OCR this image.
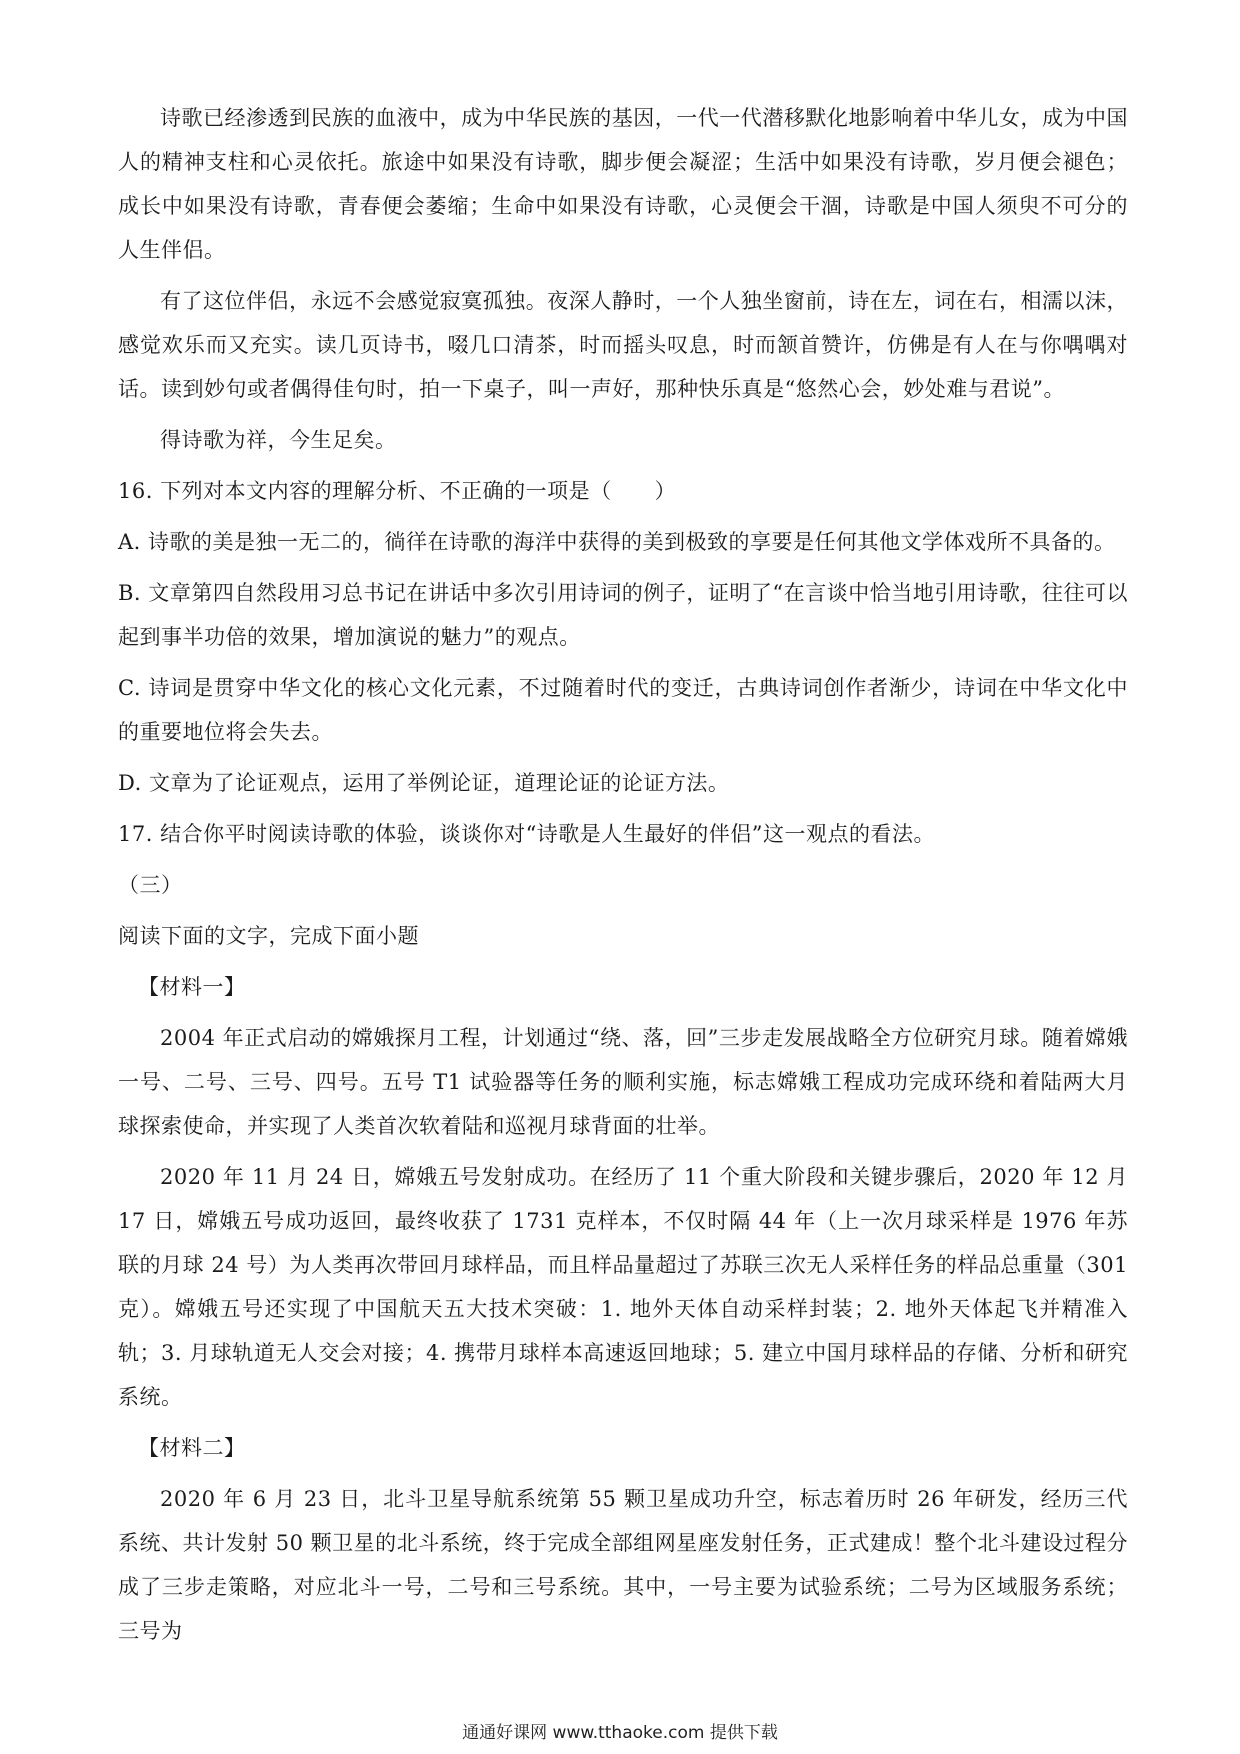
诗歌已经渗透到民族的血液中，成为中华民族的基因，一代一代潜移默化地影响着中华儿女，成为中国人的精神支柱和心灵依托。旅途中如果没有诗歌，脚步便会凝涩；生活中如果没有诗歌，岁月便会褪色；成长中如果没有诗歌，青春便会萎缩；生命中如果没有诗歌，心灵便会干涸，诗歌是中国人须臾不可分的人生伴侣。

有了这位伴侣，永远不会感觉寂寞孤独。夜深人静时，一个人独坐窗前，诗在左，词在右，相濡以沫，感觉欢乐而又充实。读几页诗书，啜几口清茶，时而摇头叹息，时而颔首赞许，仿佛是有人在与你喁喁对话。读到妙句或者偶得佳句时，拍一下桌子，叫一声好，那种快乐真是“悠然心会，妙处难与君说”。

得诗歌为祥，今生足矣。

16. 下列对本文内容的理解分析、不正确的一项是（　　）

A. 诗歌的美是独一无二的，徜徉在诗歌的海洋中获得的美到极致的享要是任何其他文学体戏所不具备的。

B. 文章第四自然段用习总书记在讲话中多次引用诗词的例子，证明了“在言谈中恰当地引用诗歌，往往可以起到事半功倍的效果，增加演说的魅力”的观点。

C. 诗词是贯穿中华文化的核心文化元素，不过随着时代的变迁，古典诗词创作者渐少，诗词在中华文化中的重要地位将会失去。

D. 文章为了论证观点，运用了举例论证，道理论证的论证方法。

17. 结合你平时阅读诗歌的体验，谈谈你对“诗歌是人生最好的伴侣”这一观点的看法。

（三）

阅读下面的文字，完成下面小题

【材料一】

2004 年正式启动的嫦娥探月工程，计划通过“绕、落，回”三步走发展战略全方位研究月球。随着嫦娥一号、二号、三号、四号。五号 T1 试验器等任务的顺利实施，标志嫦娥工程成功完成环绕和着陆两大月球探索使命，并实现了人类首次软着陆和巡视月球背面的壮举。

2020 年 11 月 24 日，嫦娥五号发射成功。在经历了 11 个重大阶段和关键步骤后，2020 年 12 月 17 日，嫦娥五号成功返回，最终收获了 1731 克样本，不仅时隔 44 年（上一次月球采样是 1976 年苏联的月球 24 号）为人类再次带回月球样品，而且样品量超过了苏联三次无人采样任务的样品总重量（301 克）。嫦娥五号还实现了中国航天五大技术突破：1. 地外天体自动采样封装；2. 地外天体起飞并精准入轨；3. 月球轨道无人交会对接；4. 携带月球样本高速返回地球；5. 建立中国月球样品的存储、分析和研究系统。

【材料二】

2020 年 6 月 23 日，北斗卫星导航系统第 55 颗卫星成功升空，标志着历时 26 年研发，经历三代系统、共计发射 50 颗卫星的北斗系统，终于完成全部组网星座发射任务，正式建成！整个北斗建设过程分成了三步走策略，对应北斗一号，二号和三号系统。其中，一号主要为试验系统；二号为区域服务系统；三号为

通通好课网 www.tthaoke.com 提供下载
